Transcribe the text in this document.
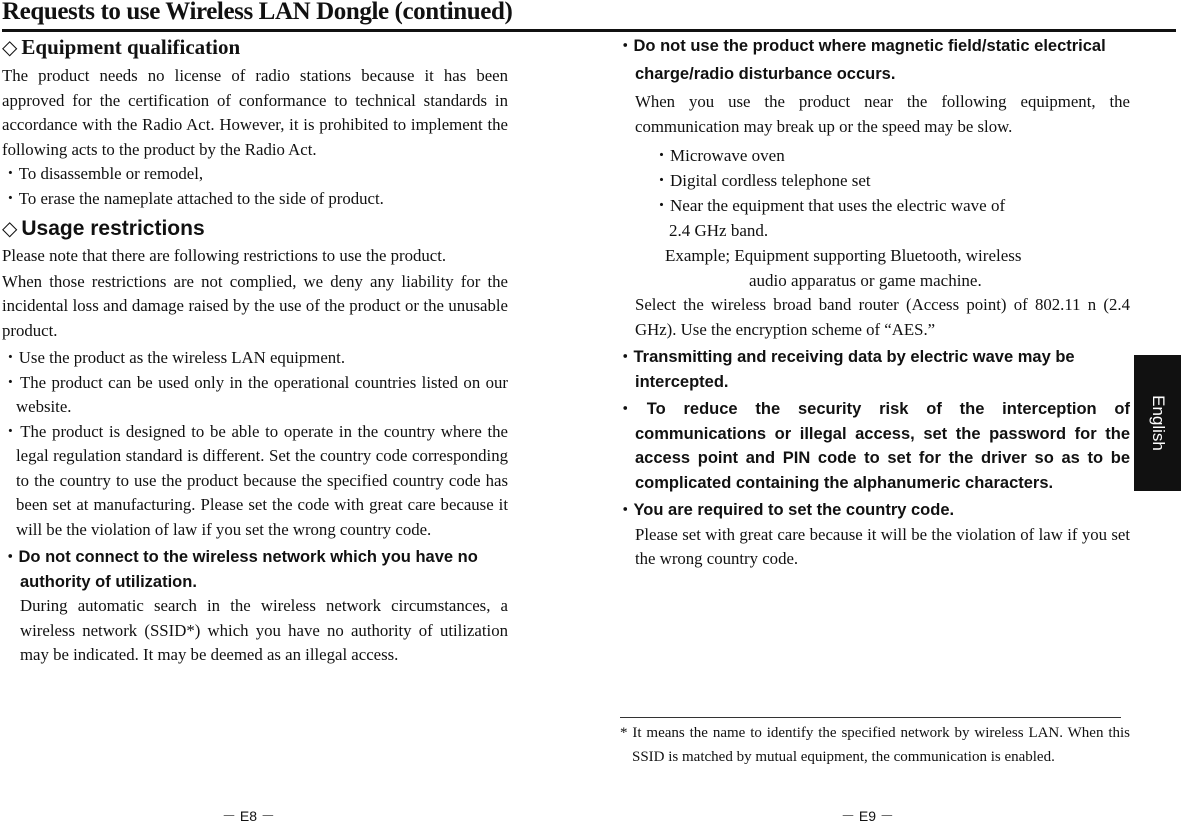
Requests to use Wireless LAN Dongle (continued)
◇ Equipment qualification

The product needs no license of radio stations because it has been approved for the certification of conformance to technical standards in accordance with the Radio Act. However, it is prohibited to implement the following acts to the product by the Radio Act.

・To disassemble or remodel,

・To erase the nameplate attached to the side of product.

◇ Usage restrictions

Please note that there are following restrictions to use the product.

When those restrictions are not complied, we deny any liability for the incidental loss and damage raised by the use of the product or the unusable product.

・Use the product as the wireless LAN equipment.

・The product can be used only in the operational countries listed on our website.

・The product is designed to be able to operate in the country where the legal regulation standard is different. Set the country code corresponding to the country to use the product because the specified country code has been set at manufacturing. Please set the code with great care because it will be the violation of law if you set the wrong country code.

・Do not connect to the wireless network which you have no authority of utilization.

During automatic search in the wireless network circumstances, a wireless network (SSID*) which you have no authority of utilization may be indicated. It may be deemed as an illegal access.

・Do not use the product where magnetic field/static electrical charge/radio disturbance occurs.

When you use the product near the following equipment, the communication may break up or the speed may be slow.

・Microwave oven

・Digital cordless telephone set

・Near the equipment that uses the electric wave of

2.4 GHz band.

Example; Equipment supporting Bluetooth, wireless

audio apparatus or game machine.

Select the wireless broad band router (Access point) of 802.11 n (2.4 GHz). Use the encryption scheme of “AES.”

・Transmitting and receiving data by electric wave may be intercepted.

・To reduce the security risk of the interception of communications or illegal access, set the password for the access point and PIN code to set for the driver so as to be complicated containing the alphanumeric characters.

・You are required to set the country code.

Please set with great care because it will be the violation of law if you set the wrong country code.

* It means the name to identify the specified network by wireless LAN. When this SSID is matched by mutual equipment, the communication is enabled.

－ E8 －	－ E9 －
English
